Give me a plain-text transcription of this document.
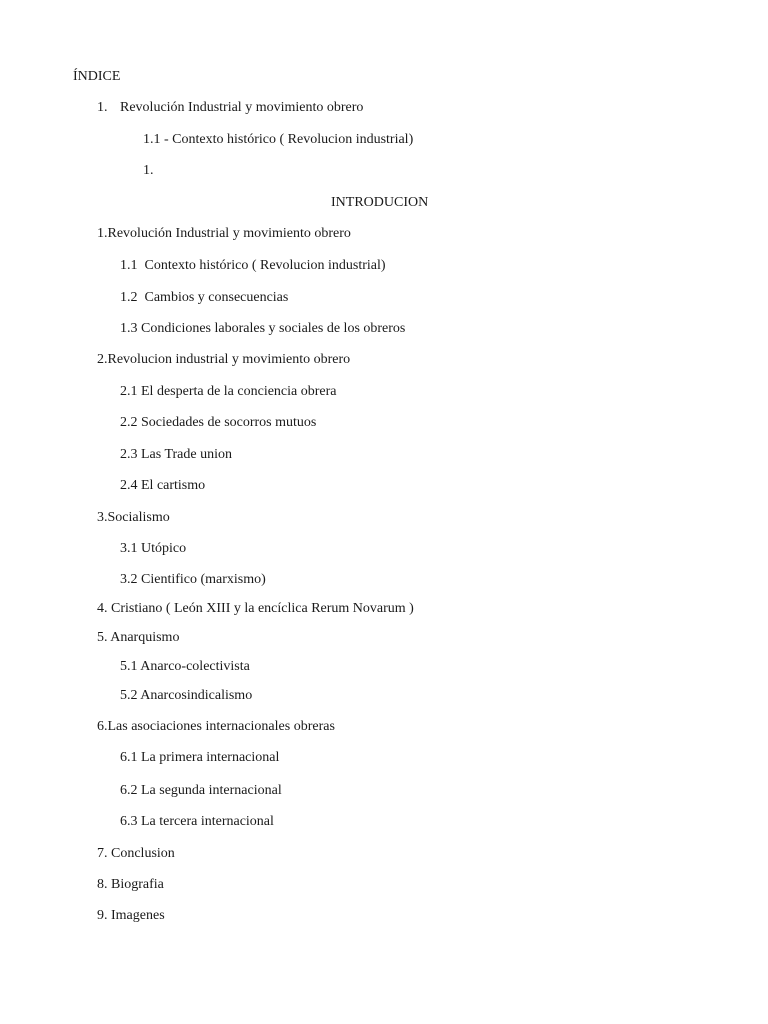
ÍNDICE
1. Revolución Industrial y movimiento obrero
1.1 - Contexto histórico ( Revolucion industrial)
1.
INTRODUCION
1.Revolución Industrial y movimiento obrero
1.1  Contexto histórico ( Revolucion industrial)
1.2  Cambios y consecuencias
1.3 Condiciones laborales y sociales de los obreros
2.Revolucion industrial y movimiento obrero
2.1 El desperta de la conciencia obrera
2.2 Sociedades de socorros mutuos
2.3 Las Trade union
2.4 El cartismo
3.Socialismo
3.1 Utópico
3.2 Cientifico (marxismo)
4. Cristiano ( León XIII y la encíclica Rerum Novarum )
5. Anarquismo
5.1 Anarco-colectivista
5.2 Anarcosindicalismo
6.Las asociaciones internacionales obreras
6.1 La primera internacional
6.2 La segunda internacional
6.3 La tercera internacional
7. Conclusion
8. Biografia
9. Imagenes
